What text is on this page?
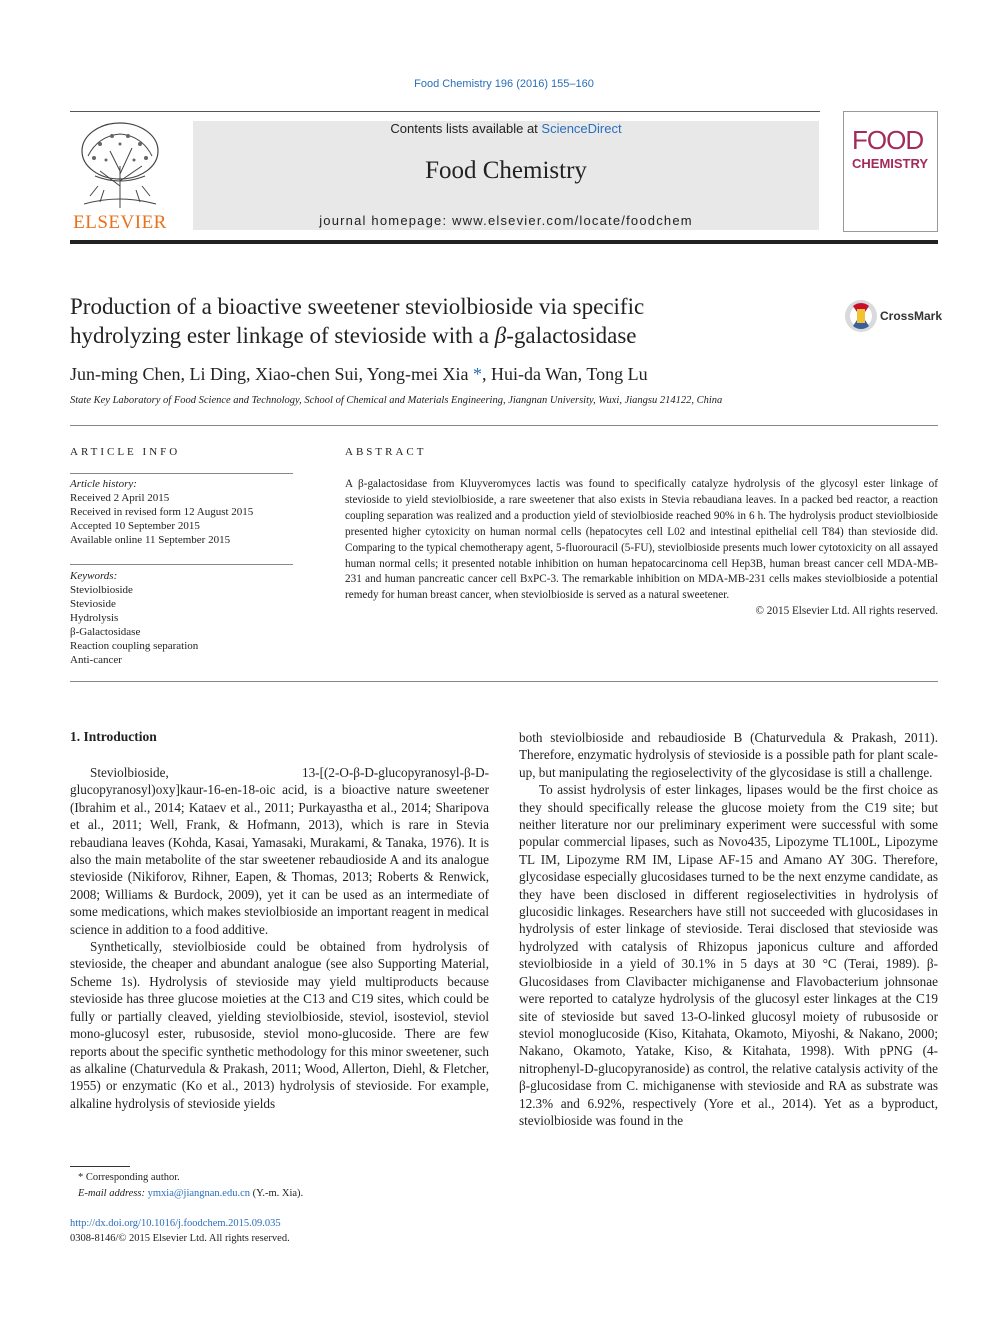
Food Chemistry 196 (2016) 155–160
ELSEVIER
Contents lists available at ScienceDirect
Food Chemistry
journal homepage: www.elsevier.com/locate/foodchem
FOOD
CHEMISTRY
Production of a bioactive sweetener steviolbioside via specific
hydrolyzing ester linkage of stevioside with a β-galactosidase
CrossMark
Jun-ming Chen, Li Ding, Xiao-chen Sui, Yong-mei Xia *, Hui-da Wan, Tong Lu
State Key Laboratory of Food Science and Technology, School of Chemical and Materials Engineering, Jiangnan University, Wuxi, Jiangsu 214122, China
ARTICLE INFO
Article history:
Received 2 April 2015
Received in revised form 12 August 2015
Accepted 10 September 2015
Available online 11 September 2015
Keywords:
Steviolbioside
Stevioside
Hydrolysis
β-Galactosidase
Reaction coupling separation
Anti-cancer
ABSTRACT
A β-galactosidase from Kluyveromyces lactis was found to specifically catalyze hydrolysis of the glycosyl ester linkage of stevioside to yield steviolbioside, a rare sweetener that also exists in Stevia rebaudiana leaves. In a packed bed reactor, a reaction coupling separation was realized and a production yield of steviolbioside reached 90% in 6 h. The hydrolysis product steviolbioside presented higher cytoxicity on human normal cells (hepatocytes cell L02 and intestinal epithelial cell T84) than stevioside did. Comparing to the typical chemotherapy agent, 5-fluorouracil (5-FU), steviolbioside presents much lower cytotoxicity on all assayed human normal cells; it presented notable inhibition on human hepatocarcinoma cell Hep3B, human breast cancer cell MDA-MB-231 and human pancreatic cancer cell BxPC-3. The remarkable inhibition on MDA-MB-231 cells makes steviolbioside a potential remedy for human breast cancer, when steviolbioside is served as a natural sweetener.
© 2015 Elsevier Ltd. All rights reserved.
1. Introduction

Steviolbioside, 13-[(2-O-β-D-glucopyranosyl-β-D-glucopyranosyl)oxy]kaur-16-en-18-oic acid, is a bioactive nature sweetener (Ibrahim et al., 2014; Kataev et al., 2011; Purkayastha et al., 2014; Sharipova et al., 2011; Well, Frank, & Hofmann, 2013), which is rare in Stevia rebaudiana leaves (Kohda, Kasai, Yamasaki, Murakami, & Tanaka, 1976). It is also the main metabolite of the star sweetener rebaudioside A and its analogue stevioside (Nikiforov, Rihner, Eapen, & Thomas, 2013; Roberts & Renwick, 2008; Williams & Burdock, 2009), yet it can be used as an intermediate of some medications, which makes steviolbioside an important reagent in medical science in addition to a food additive.

Synthetically, steviolbioside could be obtained from hydrolysis of stevioside, the cheaper and abundant analogue (see also Supporting Material, Scheme 1s). Hydrolysis of stevioside may yield multiproducts because stevioside has three glucose moieties at the C13 and C19 sites, which could be fully or partially cleaved, yielding steviolbioside, steviol, isosteviol, steviol mono-glucosyl ester, rubusoside, steviol mono-glucoside. There are few reports about the specific synthetic methodology for this minor sweetener, such as alkaline (Chaturvedula & Prakash, 2011; Wood, Allerton, Diehl, & Fletcher, 1955) or enzymatic (Ko et al., 2013) hydrolysis of stevioside. For example, alkaline hydrolysis of stevioside yields

both steviolbioside and rebaudioside B (Chaturvedula & Prakash, 2011). Therefore, enzymatic hydrolysis of stevioside is a possible path for plant scale-up, but manipulating the regioselectivity of the glycosidase is still a challenge.

To assist hydrolysis of ester linkages, lipases would be the first choice as they should specifically release the glucose moiety from the C19 site; but neither literature nor our preliminary experiment were successful with some popular commercial lipases, such as Novo435, Lipozyme TL100L, Lipozyme TL IM, Lipozyme RM IM, Lipase AF-15 and Amano AY 30G. Therefore, glycosidase especially glucosidases turned to be the next enzyme candidate, as they have been disclosed in different regioselectivities in hydrolysis of glucosidic linkages. Researchers have still not succeeded with glucosidases in hydrolysis of ester linkage of stevioside. Terai disclosed that stevioside was hydrolyzed with catalysis of Rhizopus japonicus culture and afforded steviolbioside in a yield of 30.1% in 5 days at 30 °C (Terai, 1989). β-Glucosidases from Clavibacter michiganense and Flavobacterium johnsonae were reported to catalyze hydrolysis of the glucosyl ester linkages at the C19 site of stevioside but saved 13-O-linked glucosyl moiety of rubusoside or steviol monoglucoside (Kiso, Kitahata, Okamoto, Miyoshi, & Nakano, 2000; Nakano, Okamoto, Yatake, Kiso, & Kitahata, 1998). With pPNG (4-nitrophenyl-D-glucopyranoside) as control, the relative catalysis activity of the β-glucosidase from C. michiganense with stevioside and RA as substrate was 12.3% and 6.92%, respectively (Yore et al., 2014). Yet as a byproduct, steviolbioside was found in the

* Corresponding author.
E-mail address: ymxia@jiangnan.edu.cn (Y.-m. Xia).
http://dx.doi.org/10.1016/j.foodchem.2015.09.035
0308-8146/© 2015 Elsevier Ltd. All rights reserved.
